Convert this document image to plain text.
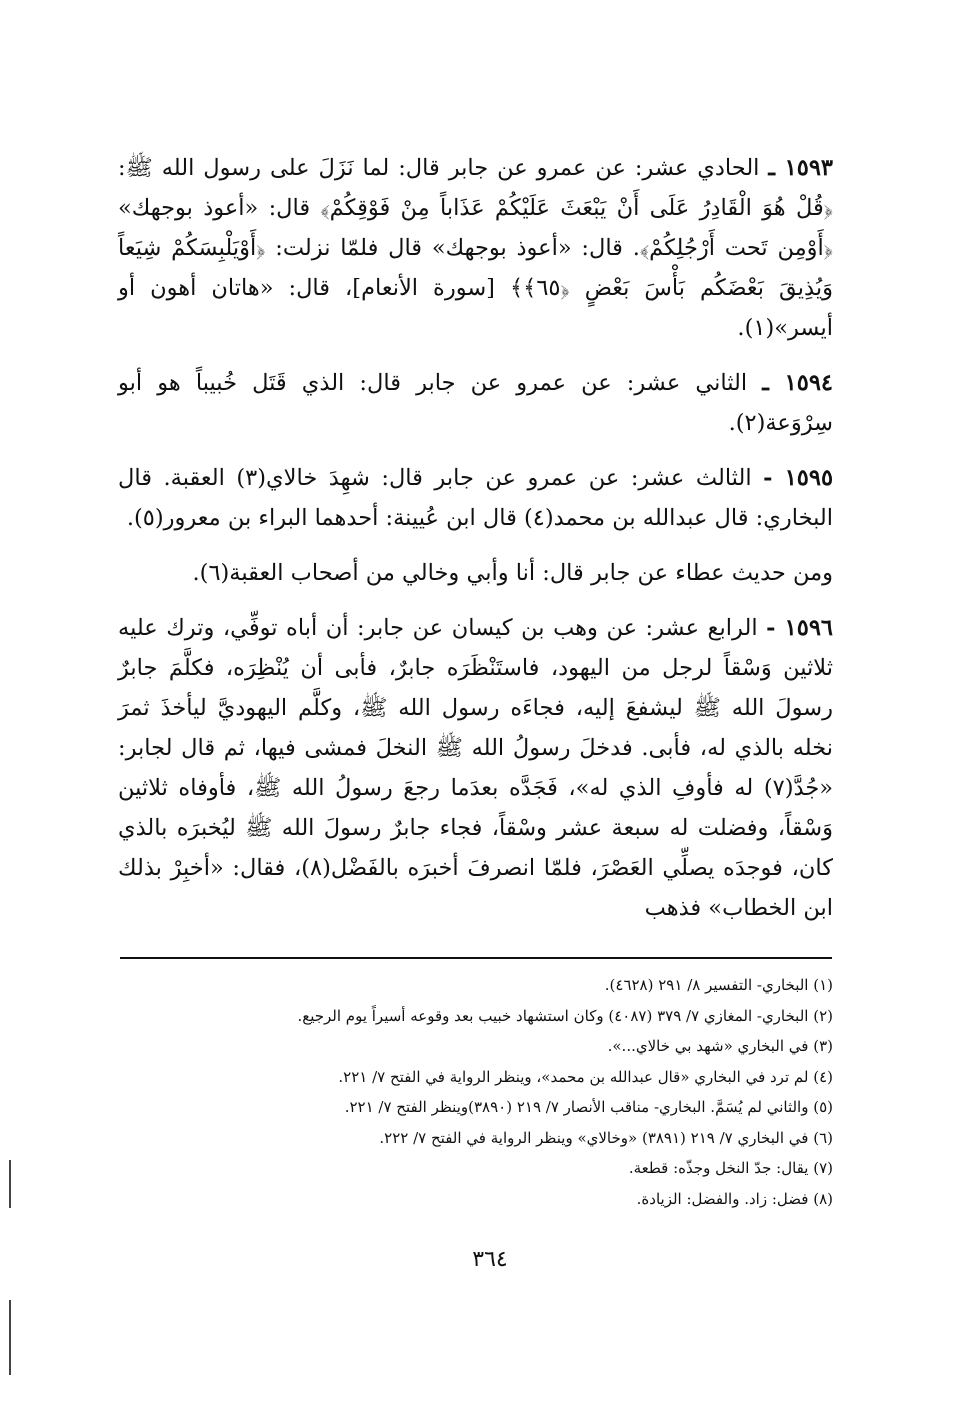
١٥٩٣ ـ الحادي عشر: عن عمرو عن جابر قال: لما نَزَلَ على رسول الله ﷺ: ﴿قُلْ هُوَ الْقَادِرُ عَلَى أَنْ يَبْعَثَ عَلَيْكُمْ عَذَاباً مِنْ فَوْقِكُمْ﴾ قال: «أعوذ بوجهك» ﴿أَوْمِن تَحت أَرْجُلِكُمْ﴾. قال: «أعوذ بوجهك» قال فلمّا نزلت: ﴿أَوْيَلْبِسَكُمْ شِيَعاً وَيُذِيقَ بَعْضَكُم بَأْسَ بَعْضٍ ﴿٦٥﴾﴾ [سورة الأنعام]، قال: «هاتان أهون أو أيسر»(١).

١٥٩٤ ـ الثاني عشر: عن عمرو عن جابر قال: الذي قَتَل خُبيباً هو أبو سِرْوَعة(٢).

١٥٩٥ - الثالث عشر: عن عمرو عن جابر قال: شهِدَ خالاي(٣) العقبة. قال البخاري: قال عبدالله بن محمد(٤) قال ابن عُيينة: أحدهما البراء بن معرور(٥).

ومن حديث عطاء عن جابر قال: أنا وأبي وخالي من أصحاب العقبة(٦).

١٥٩٦ - الرابع عشر: عن وهب بن كيسان عن جابر: أن أباه توفِّي، وترك عليه ثلاثين وَسْقاً لرجل من اليهود، فاستَنْظَرَه جابرٌ، فأبى أن يُنْظِرَه، فكلَّمَ جابرٌ رسولَ الله ﷺ ليشفعَ إليه، فجاءَه رسول الله ﷺ، وكلَّم اليهوديَّ ليأخذَ ثمرَ نخله بالذي له، فأبى. فدخلَ رسولُ الله ﷺ النخلَ فمشى فيها، ثم قال لجابر: «جُدَّ(٧) له فأوفِ الذي له»، فَجَدَّه بعدَما رجعَ رسولُ الله ﷺ، فأوفاه ثلاثين وَسْقاً، وفضلت له سبعة عشر وسْقاً، فجاء جابرٌ رسولَ الله ﷺ ليُخبرَه بالذي كان، فوجدَه يصلِّي العَصْرَ، فلمّا انصرفَ أخبرَه بالفَضْل(٨)، فقال: «أخبِرْ بذلك ابن الخطاب» فذهب

(١) البخاري- التفسير ٨/ ٢٩١ (٤٦٢٨).
(٢) البخاري- المغازي ٧/ ٣٧٩ (٤٠٨٧) وكان استشهاد خبيب بعد وقوعه أسيراً يوم الرجيع.
(٣) في البخاري «شهد بي خالاي...».
(٤) لم ترد في البخاري «قال عبدالله بن محمد»، وينظر الرواية في الفتح ٧/ ٢٢١.
(٥) والثاني لم يُسَمَّ. البخاري- مناقب الأنصار ٧/ ٢١٩ (٣٨٩٠)وينظر الفتح ٧/ ٢٢١.
(٦) في البخاري ٧/ ٢١٩ (٣٨٩١) «وخالاي» وينظر الرواية في الفتح ٧/ ٢٢٢.
(٧) يقال: جدّ النخل وجذّه: قطعة.
(٨) فضل: زاد. والفضل: الزيادة.
٣٦٤
